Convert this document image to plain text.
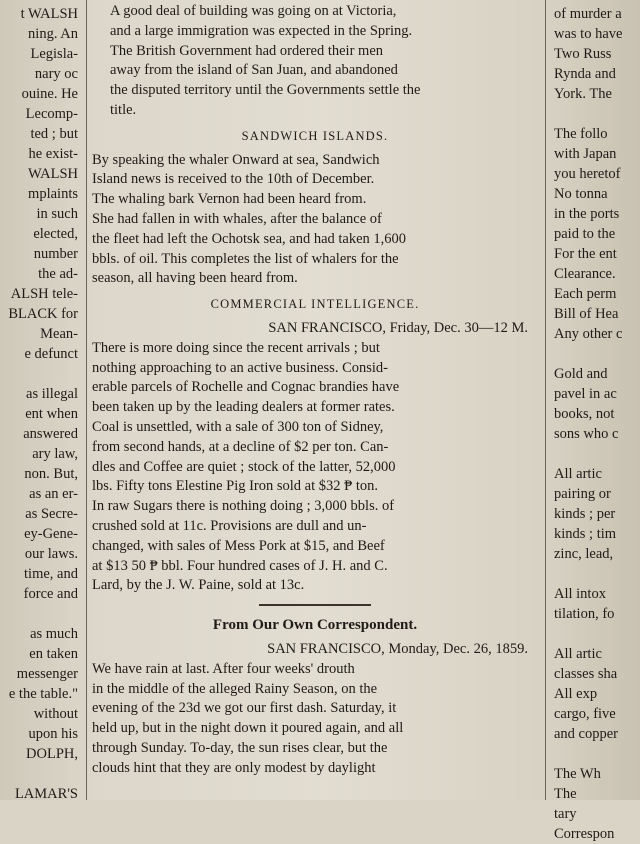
t WALSH
ning. An
Legisla-
nary oc
ouine. He
Lecomp-
ted ; but
he exist-
WALSH
mplaints
in such
elected,
number
the ad-
ALSH tele-
BLACK for
Mean-
e defunct

as illegal
ent when
answered
ary law,
non. But,
as an er-
as Secre-
ey-Gene-
our laws.
time, and
force and

as much
en taken
messenger
e the table."
without
upon his
DOLPH,

LAMAR'S

A good deal of building was going on at Victoria,
and a large immigration was expected in the Spring.
The British Government had ordered their men
away from the island of San Juan, and abandoned
the disputed territory until the Governments settle the
title.

SANDWICH ISLANDS.

By speaking the whaler Onward at sea, Sandwich
Island news is received to the 10th of December.

The whaling bark Vernon had been heard from.
She had fallen in with whales, after the balance of
the fleet had left the Ochotsk sea, and had taken 1,600
bbls. of oil. This completes the list of whalers for the
season, all having been heard from.

COMMERCIAL INTELLIGENCE.
SAN FRANCISCO, Friday, Dec. 30—12 M.

There is more doing since the recent arrivals ; but
nothing approaching to an active business. Consid-
erable parcels of Rochelle and Cognac brandies have
been taken up by the leading dealers at former rates.
Coal is unsettled, with a sale of 300 ton of Sidney,
from second hands, at a decline of $2 per ton. Can-
dles and Coffee are quiet ; stock of the latter, 52,000
lbs. Fifty tons Elestine Pig Iron sold at $32 ₱ ton.
In raw Sugars there is nothing doing ; 3,000 bbls. of
crushed sold at 11c. Provisions are dull and un-
changed, with sales of Mess Pork at $15, and Beef
at $13 50 ₱ bbl. Four hundred cases of J. H. and C.
Lard, by the J. W. Paine, sold at 13c.

From Our Own Correspondent.
SAN FRANCISCO, Monday, Dec. 26, 1859.

We have rain at last. After four weeks' drouth
in the middle of the alleged Rainy Season, on the
evening of the 23d we got our first dash. Saturday, it
held up, but in the night down it poured again, and all
through Sunday. To-day, the sun rises clear, but the
clouds hint that they are only modest by daylight

of murder a
was to have
Two Russ
Rynda and
York. The

The follo
with Japan
you heretof
No tonna
in the ports
paid to the
For the ent
Clearance.
Each perm
Bill of Hea
Any other c

Gold and
pavel in ac
books, not
sons who c

All artic
pairing or
kinds ; per
kinds ; tim
zinc, lead,

All intox
tilation, fo

All artic
classes sha
All exp
cargo, five
and copper

The Wh
The
tary
Correspon
